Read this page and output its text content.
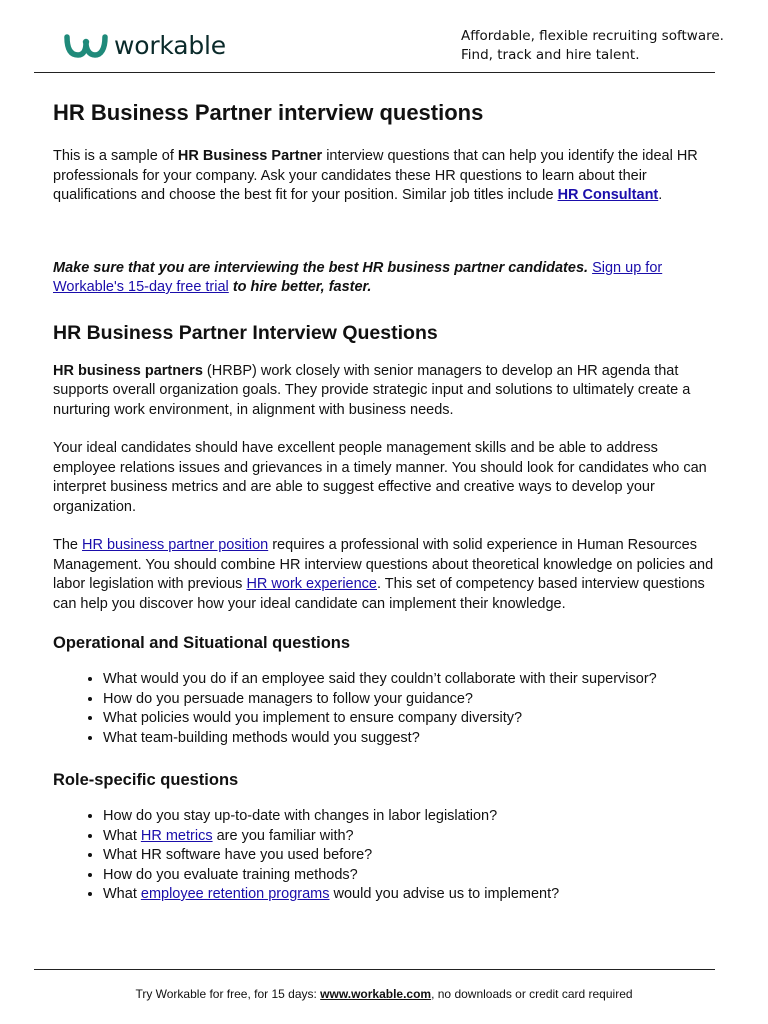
workable	Affordable, flexible recruiting software.
Find, track and hire talent.
HR Business Partner interview questions

This is a sample of HR Business Partner interview questions that can help you identify the ideal HR professionals for your company. Ask your candidates these HR questions to learn about their qualifications and choose the best fit for your position. Similar job titles include HR Consultant.

Make sure that you are interviewing the best HR business partner candidates. Sign up for Workable's 15-day free trial to hire better, faster.

HR Business Partner Interview Questions

HR business partners (HRBP) work closely with senior managers to develop an HR agenda that supports overall organization goals. They provide strategic input and solutions to ultimately create a nurturing work environment, in alignment with business needs.

Your ideal candidates should have excellent people management skills and be able to address employee relations issues and grievances in a timely manner. You should look for candidates who can interpret business metrics and are able to suggest effective and creative ways to develop your organization.

The HR business partner position requires a professional with solid experience in Human Resources Management. You should combine HR interview questions about theoretical knowledge on policies and labor legislation with previous HR work experience. This set of competency based interview questions can help you discover how your ideal candidate can implement their knowledge.

Operational and Situational questions
• What would you do if an employee said they couldn’t collaborate with their supervisor?
• How do you persuade managers to follow your guidance?
• What policies would you implement to ensure company diversity?
• What team-building methods would you suggest?
Role-specific questions
• How do you stay up-to-date with changes in labor legislation?
• What HR metrics are you familiar with?
• What HR software have you used before?
• How do you evaluate training methods?
• What employee retention programs would you advise us to implement?
Try Workable for free, for 15 days: www.workable.com, no downloads or credit card required
